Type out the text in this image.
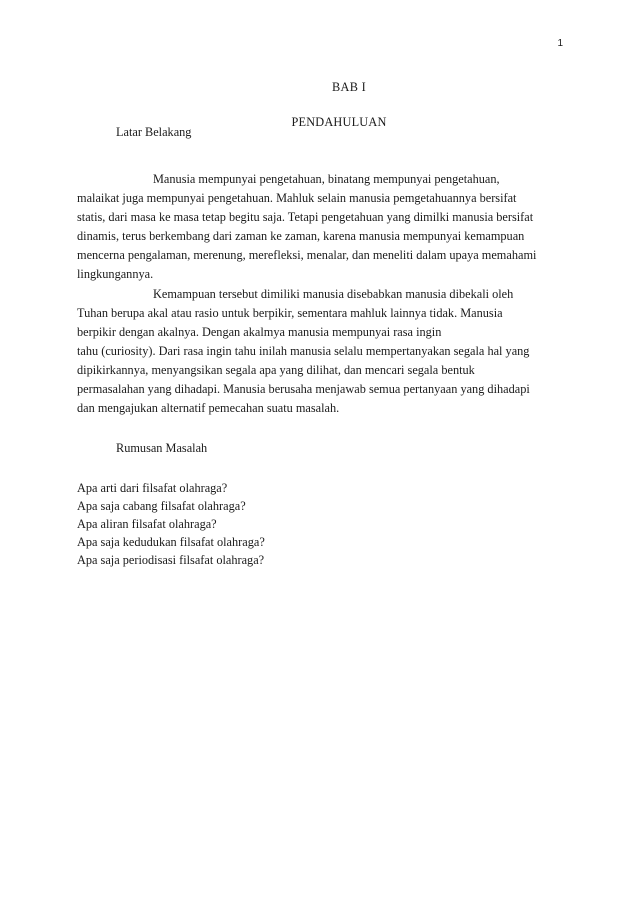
1
BAB I
PENDAHULUAN
Latar Belakang
Manusia mempunyai pengetahuan, binatang mempunyai pengetahuan,
malaikat juga mempunyai pengetahuan. Mahluk selain manusia pemgetahuannya bersifat
statis, dari masa ke masa tetap begitu saja. Tetapi pengetahuan yang dimilki manusia bersifat
dinamis, terus berkembang dari zaman ke zaman, karena manusia mempunyai kemampuan
mencerna pengalaman, merenung, merefleksi, menalar, dan meneliti dalam upaya memahami
lingkungannya.
Kemampuan tersebut dimiliki manusia disebabkan manusia dibekali oleh
Tuhan berupa akal atau rasio untuk berpikir, sementara mahluk lainnya tidak. Manusia
berpikir dengan akalnya. Dengan akalmya manusia mempunyai rasa ingin
tahu (curiosity). Dari rasa ingin tahu inilah manusia selalu mempertanyakan segala hal yang
dipikirkannya, menyangsikan segala apa yang dilihat, dan mencari segala bentuk
permasalahan yang dihadapi. Manusia berusaha menjawab semua pertanyaan yang dihadapi
dan mengajukan alternatif pemecahan suatu masalah.
Rumusan Masalah
Apa arti dari filsafat olahraga?
Apa saja cabang filsafat olahraga?
Apa aliran filsafat olahraga?
Apa saja kedudukan filsafat olahraga?
Apa saja periodisasi filsafat olahraga?
